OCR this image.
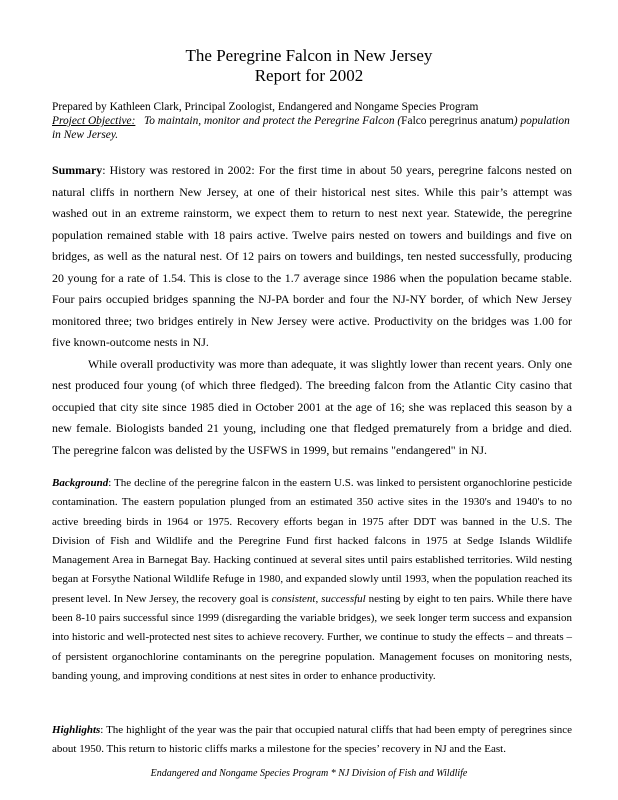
The Peregrine Falcon in New Jersey
Report for 2002
Prepared by Kathleen Clark, Principal Zoologist, Endangered and Nongame Species Program
Project Objective: To maintain, monitor and protect the Peregrine Falcon (Falco peregrinus anatum) population in New Jersey.

Summary: History was restored in 2002: For the first time in about 50 years, peregrine falcons nested on natural cliffs in northern New Jersey, at one of their historical nest sites. While this pair’s attempt was washed out in an extreme rainstorm, we expect them to return to nest next year. Statewide, the peregrine population remained stable with 18 pairs active. Twelve pairs nested on towers and buildings and five on bridges, as well as the natural nest. Of 12 pairs on towers and buildings, ten nested successfully, producing 20 young for a rate of 1.54. This is close to the 1.7 average since 1986 when the population became stable. Four pairs occupied bridges spanning the NJ-PA border and four the NJ-NY border, of which New Jersey monitored three; two bridges entirely in New Jersey were active. Productivity on the bridges was 1.00 for five known-outcome nests in NJ.

While overall productivity was more than adequate, it was slightly lower than recent years. Only one nest produced four young (of which three fledged). The breeding falcon from the Atlantic City casino that occupied that city site since 1985 died in October 2001 at the age of 16; she was replaced this season by a new female. Biologists banded 21 young, including one that fledged prematurely from a bridge and died. The peregrine falcon was delisted by the USFWS in 1999, but remains "endangered" in NJ.

Background: The decline of the peregrine falcon in the eastern U.S. was linked to persistent organochlorine pesticide contamination. The eastern population plunged from an estimated 350 active sites in the 1930's and 1940's to no active breeding birds in 1964 or 1975. Recovery efforts began in 1975 after DDT was banned in the U.S. The Division of Fish and Wildlife and the Peregrine Fund first hacked falcons in 1975 at Sedge Islands Wildlife Management Area in Barnegat Bay. Hacking continued at several sites until pairs established territories. Wild nesting began at Forsythe National Wildlife Refuge in 1980, and expanded slowly until 1993, when the population reached its present level. In New Jersey, the recovery goal is consistent, successful nesting by eight to ten pairs. While there have been 8-10 pairs successful since 1999 (disregarding the variable bridges), we seek longer term success and expansion into historic and well-protected nest sites to achieve recovery. Further, we continue to study the effects – and threats – of persistent organochlorine contaminants on the peregrine population. Management focuses on monitoring nests, banding young, and improving conditions at nest sites in order to enhance productivity.

Highlights: The highlight of the year was the pair that occupied natural cliffs that had been empty of peregrines since about 1950. This return to historic cliffs marks a milestone for the species’ recovery in NJ and the East.

Endangered and Nongame Species Program * NJ Division of Fish and Wildlife
